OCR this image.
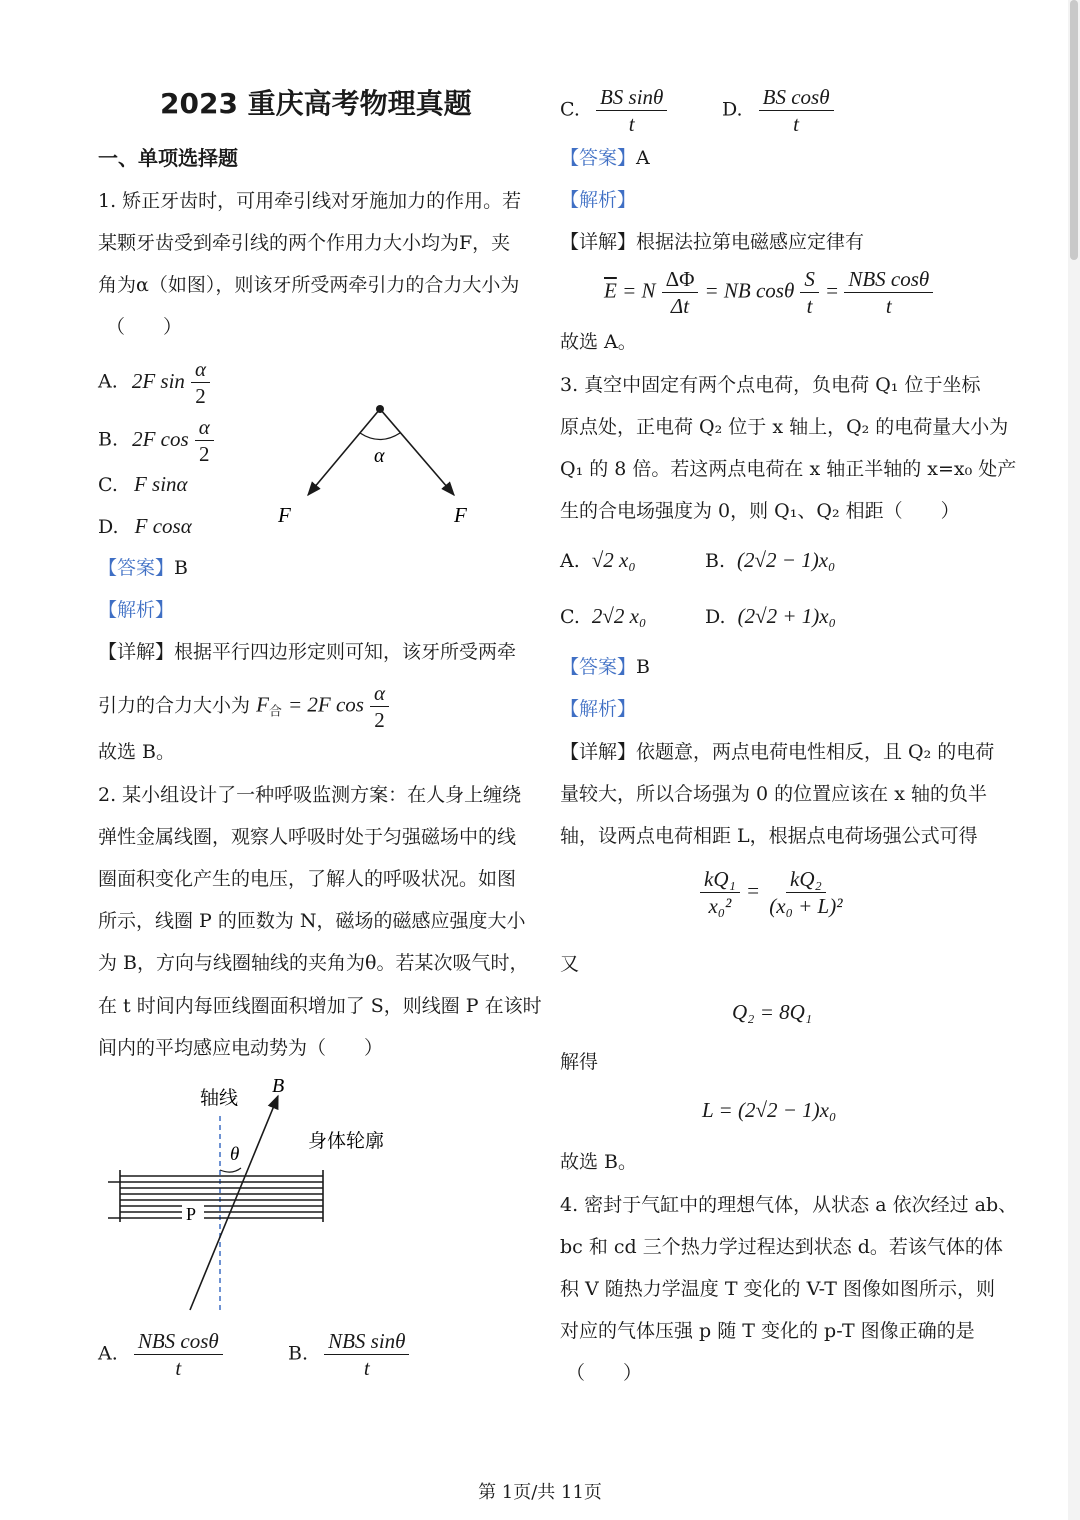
2023 重庆高考物理真题
一、单项选择题
1. 矫正牙齿时，可用牵引线对牙施加力的作用。若
某颗牙齿受到牵引线的两个作用力大小均为F，夹
角为α（如图），则该牙所受两牵引力的合力大小为
（　　）
A. 2F $\sin \frac{\alpha}{2}$
B. 2F $\cos \frac{\alpha}{2}$
C. F sinα
D. F cosα
α
F	F
【答案】B
【解析】
【详解】根据平行四边形定则可知，该牙所受两牵
引力的合力大小为 $F_合 = 2F$ $\cos \frac{\alpha}{2}$
故选 B。
2. 某小组设计了一种呼吸监测方案：在人身上缠绕
弹性金属线圈，观察人呼吸时处于匀强磁场中的线
圈面积变化产生的电压，了解人的呼吸状况。如图
所示，线圈 P 的匝数为 N，磁场的磁感应强度大小
为 B，方向与线圈轴线的夹角为θ。若某次吸气时，
在 t 时间内每匝线圈面积增加了 S，则线圈 P 在该时
间内的平均感应电动势为（　　）
轴线
B
身体轮廓
θ
P
A. $\frac{\text{NBS cosθ}}{t}$	B. $\frac{\text{NBS sinθ}}{t}$
C. $\frac{\text{BS sinθ}}{t}$	D. $\frac{\text{BS cosθ}}{t}$
【答案】A
【解析】
【详解】根据法拉第电磁感应定律有
$\overline{E} = N \frac{\Delta\Phi}{\Delta t}$ = NB cosθ $\frac{S}{t} = \frac{\text{NBS cosθ}}{t}$
故选 A。
3. 真空中固定有两个点电荷，负电荷 Q₁ 位于坐标
原点处，正电荷 Q₂ 位于 x 轴上，Q₂ 的电荷量大小为
Q₁ 的 8 倍。若这两点电荷在 x 轴正半轴的 x=x₀ 处产
生的合电场强度为 0，则 Q₁、Q₂ 相距（　　）
A. √2 x₀	B. (2√2 − 1)x₀
C. 2√2 x₀	D. (2√2 + 1)x₀
【答案】B
【解析】
【详解】依题意，两点电荷电性相反，且 Q₂ 的电荷
量较大，所以合场强为 0 的位置应该在 x 轴的负半
轴，设两点电荷相距 L，根据点电荷场强公式可得
$\frac{\text{kQ₁}}{\text{x₀²}} = \frac{\text{kQ₂}}{\text{(x₀ + L)²}}$
又
Q₂ = 8Q₁
解得
L = (2√2 − 1)x₀
故选 B。
4. 密封于气缸中的理想气体，从状态 a 依次经过 ab、
bc 和 cd 三个热力学过程达到状态 d。若该气体的体
积 V 随热力学温度 T 变化的 V-T 图像如图所示，则
对应的气体压强 p 随 T 变化的 p-T 图像正确的是
（　　）
第 1页/共 11页
